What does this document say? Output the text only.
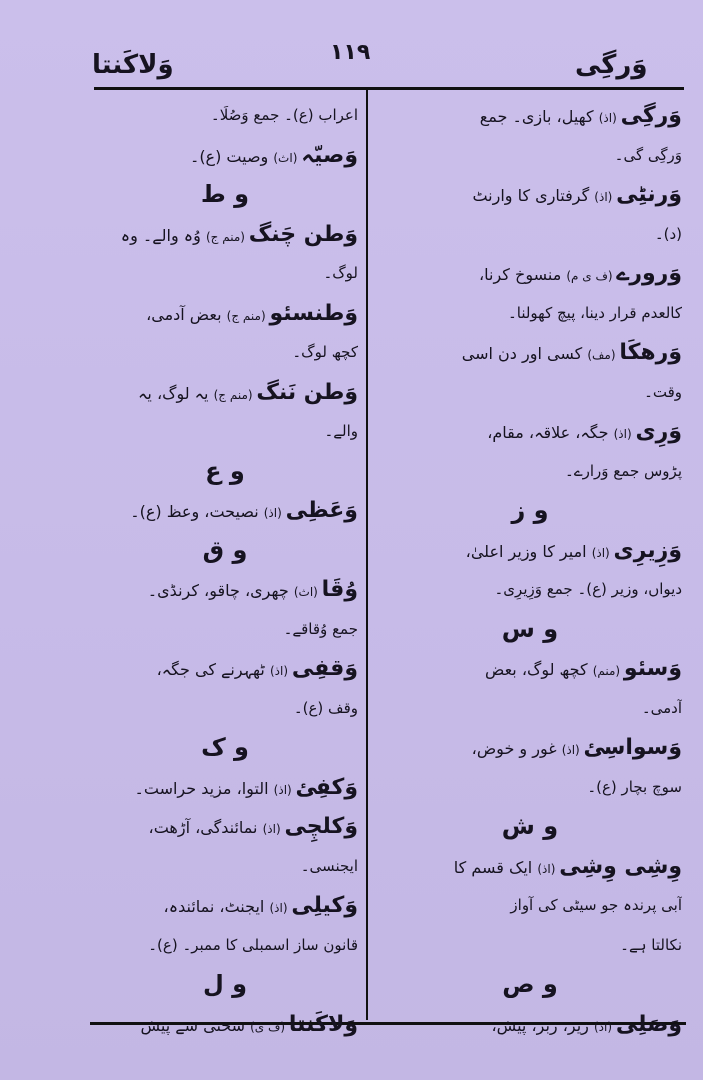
وَلاکَنتا	۱۱۹	وَرگِی
وَرگِی (اذ) کھیل، بازی۔ جمع
وَرگِی گی۔
وَرنٹِی (اذ) گرفتاری کا وارنٹ
(د)۔
وَرورے (ف ی م) منسوخ کرنا،
کالعدم قرار دینا، پیچ کھولنا۔
وَرھکَا (مف) کسی اور دن اسی
وقت۔
وَرِی (اذ) جگہ، علاقہ، مقام،
پڑوس جمع وَرارے۔
و ز
وَزِیرِی (اذ) امیر کا وزیر اعلیٰ،
دیواں، وزیر (ع)۔ جمع وَزِیرِی۔
و س
وَسئو (منم) کچھ لوگ، بعض
آدمی۔
وَسواسِئ (اذ) غور و خوض،
سوچ بچار (ع)۔
و ش
وِشِی وِشِی (اذ) ایک قسم کا
آبی پرندہ جو سیٹی کی آواز
نکالتا ہے۔
و ص
وَصَلِی (اذ) زیر، زبر، پیش،
اعراب (ع)۔ جمع وَصُلَا۔
وَصیّہ (اث) وصیت (ع)۔
و ط
وَطن چَنگ (منم ج) وُہ والے۔ وہ
لوگ۔
وَطنسئو (منم ج) بعض آدمی،
کچھ لوگ۔
وَطن نَنگ (منم ج) یہ لوگ، یہ
والے۔
و ع
وَعَظِی (اذ) نصیحت، وعظ (ع)۔
و ق
وُقَا (اث) چھری، چاقو، کرنڈی۔
جمع وُقاقے۔
وَقفِی (اذ) ٹھہرنے کی جگہ،
وقف (ع)۔
و ک
وَکفِئ (اذ) التوا، مزید حراست۔
وَکلچِی (اذ) نمائندگی، آڑھت،
ایجنسی۔
وَکیلِی (اذ) ایجنٹ، نمائندہ،
قانون ساز اسمبلی کا ممبر۔ (ع)۔
و ل
وَلاکَنتا (ف ی) سختی سے پیش
